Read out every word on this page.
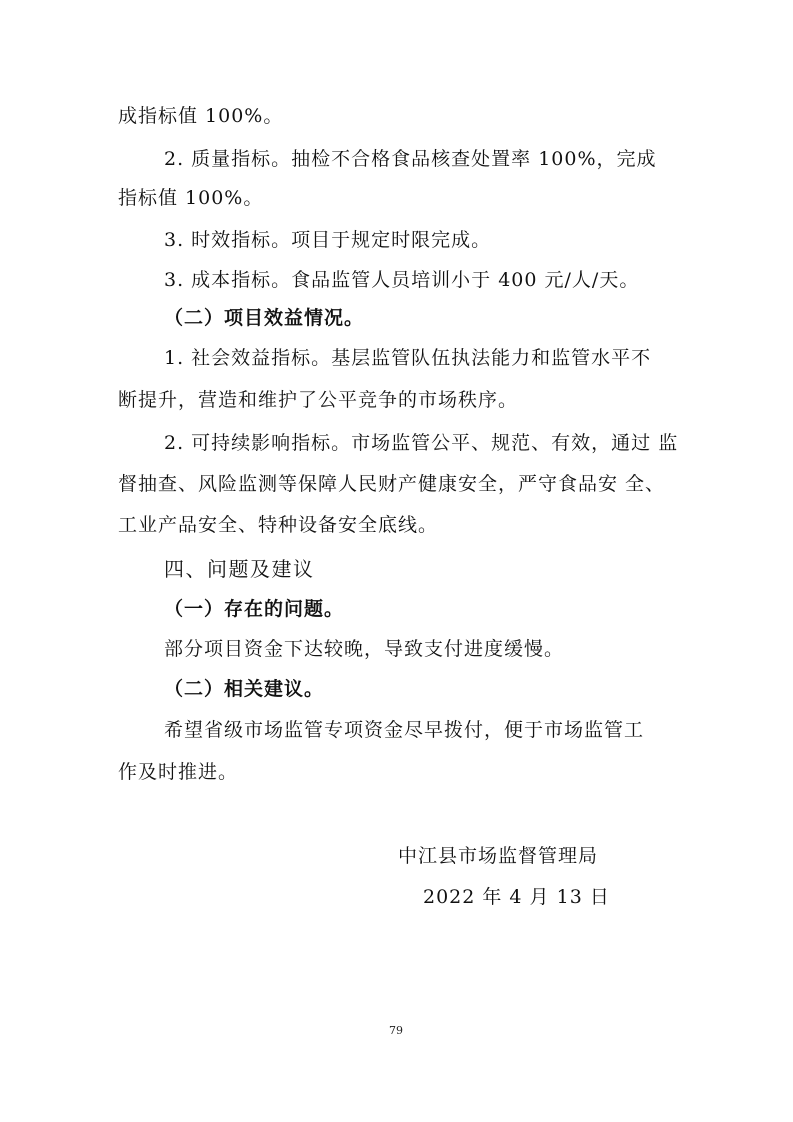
成指标值 100%。
2. 质量指标。抽检不合格食品核查处置率 100%，完成
指标值 100%。
3. 时效指标。项目于规定时限完成。
3. 成本指标。食品监管人员培训小于 400 元/人/天。
（二）项目效益情况。
1. 社会效益指标。基层监管队伍执法能力和监管水平不
断提升，营造和维护了公平竞争的市场秩序。
2. 可持续影响指标。市场监管公平、规范、有效，通过 监
督抽查、风险监测等保障人民财产健康安全，严守食品安 全、
工业产品安全、特种设备安全底线。
四、问题及建议
（一）存在的问题。
部分项目资金下达较晚，导致支付进度缓慢。
（二）相关建议。
希望省级市场监管专项资金尽早拨付，便于市场监管工
作及时推进。
中江县市场监督管理局
2022 年 4 月 13 日
79
